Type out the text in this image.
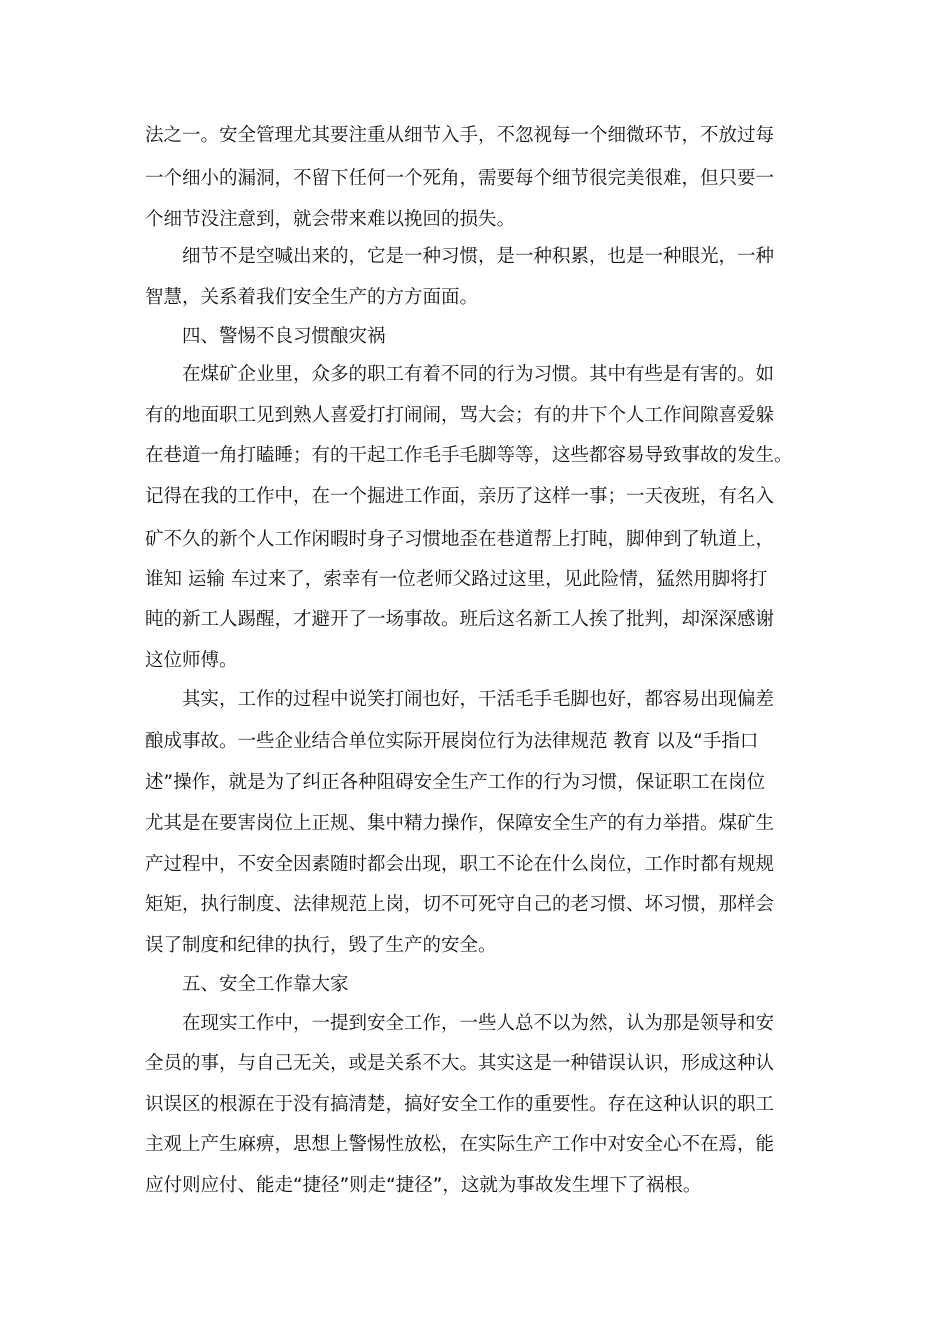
法之一。安全管理尤其要注重从细节入手，不忽视每一个细微环节，不放过每
一个细小的漏洞，不留下任何一个死角，需要每个细节很完美很难，但只要一
个细节没注意到，就会带来难以挽回的损失。
细节不是空喊出来的，它是一种习惯，是一种积累，也是一种眼光，一种
智慧，关系着我们安全生产的方方面面。
四、警惕不良习惯酿灾祸
在煤矿企业里，众多的职工有着不同的行为习惯。其中有些是有害的。如
有的地面职工见到熟人喜爱打打闹闹，骂大会；有的井下个人工作间隙喜爱躲
在巷道一角打瞌睡；有的干起工作毛手毛脚等等，这些都容易导致事故的发生。
记得在我的工作中，在一个掘进工作面，亲历了这样一事；一天夜班，有名入
矿不久的新个人工作闲暇时身子习惯地歪在巷道帮上打盹，脚伸到了轨道上，
谁知 运输 车过来了，索幸有一位老师父路过这里，见此险情，猛然用脚将打
盹的新工人踢醒，才避开了一场事故。班后这名新工人挨了批判，却深深感谢
这位师傅。
其实，工作的过程中说笑打闹也好，干活毛手毛脚也好，都容易出现偏差
酿成事故。一些企业结合单位实际开展岗位行为法律规范 教育 以及“手指口
述”操作，就是为了纠正各种阻碍安全生产工作的行为习惯，保证职工在岗位
尤其是在要害岗位上正规、集中精力操作，保障安全生产的有力举措。煤矿生
产过程中，不安全因素随时都会出现，职工不论在什么岗位，工作时都有规规
矩矩，执行制度、法律规范上岗，切不可死守自己的老习惯、坏习惯，那样会
误了制度和纪律的执行，毁了生产的安全。
五、安全工作靠大家
在现实工作中，一提到安全工作，一些人总不以为然，认为那是领导和安
全员的事，与自己无关，或是关系不大。其实这是一种错误认识，形成这种认
识误区的根源在于没有搞清楚，搞好安全工作的重要性。存在这种认识的职工
主观上产生麻痹，思想上警惕性放松，在实际生产工作中对安全心不在焉，能
应付则应付、能走“捷径”则走“捷径”，这就为事故发生埋下了祸根。
